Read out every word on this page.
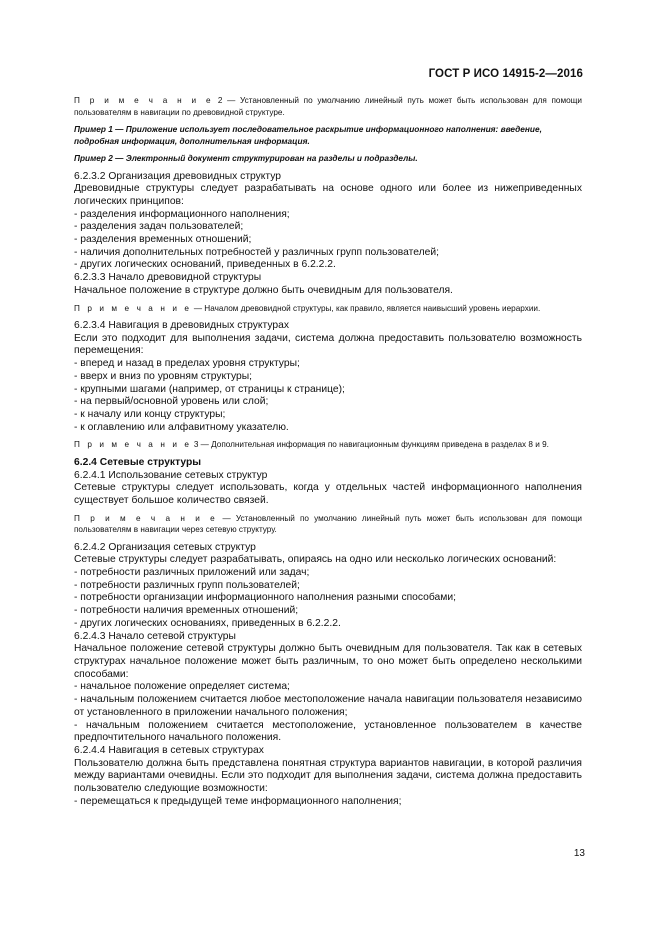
ГОСТ Р ИСО 14915-2—2016

П р и м е ч а н и е 2 — Установленный по умолчанию линейный путь может быть использован для помощи пользователям в навигации по древовидной структуре.

Пример 1 — Приложение использует последовательное раскрытие информационного наполнения: введение, подробная информация, дополнительная информация.

Пример 2 — Электронный документ структурирован на разделы и подразделы.

6.2.3.2 Организация древовидных структур

Древовидные структуры следует разрабатывать на основе одного или более из нижеприведенных логических принципов:

- разделения информационного наполнения;

- разделения задач пользователей;

- разделения временных отношений;

- наличия дополнительных потребностей у различных групп пользователей;

- других логических оснований, приведенных в 6.2.2.2.

6.2.3.3 Начало древовидной структуры

Начальное положение в структуре должно быть очевидным для пользователя.

П р и м е ч а н и е — Началом древовидной структуры, как правило, является наивысший уровень иерархии.

6.2.3.4 Навигация в древовидных структурах

Если это подходит для выполнения задачи, система должна предоставить пользователю возможность перемещения:

- вперед и назад в пределах уровня структуры;

- вверх и вниз по уровням структуры;

- крупными шагами (например, от страницы к странице);

- на первый/основной уровень или слой;

- к началу или концу структуры;

- к оглавлению или алфавитному указателю.

П р и м е ч а н и е 3 — Дополнительная информация по навигационным функциям приведена в разделах 8 и 9.

6.2.4 Сетевые структуры

6.2.4.1 Использование сетевых структур

Сетевые структуры следует использовать, когда у отдельных частей информационного наполнения существует большое количество связей.

П р и м е ч а н и е — Установленный по умолчанию линейный путь может быть использован для помощи пользователям в навигации через сетевую структуру.

6.2.4.2 Организация сетевых структур

Сетевые структуры следует разрабатывать, опираясь на одно или несколько логических оснований:

- потребности различных приложений или задач;

- потребности различных групп пользователей;

- потребности организации информационного наполнения разными способами;

- потребности наличия временных отношений;

- других логических основаниях, приведенных в 6.2.2.2.

6.2.4.3 Начало сетевой структуры

Начальное положение сетевой структуры должно быть очевидным для пользователя. Так как в сетевых структурах начальное положение может быть различным, то оно может быть определено несколькими способами:

- начальное положение определяет система;

- начальным положением считается любое местоположение начала навигации пользователя независимо от установленного в приложении начального положения;

- начальным положением считается местоположение, установленное пользователем в качестве предпочтительного начального положения.

6.2.4.4 Навигация в сетевых структурах

Пользователю должна быть представлена понятная структура вариантов навигации, в которой различия между вариантами очевидны. Если это подходит для выполнения задачи, система должна предоставить пользователю следующие возможности:

- перемещаться к предыдущей теме информационного наполнения;

13
